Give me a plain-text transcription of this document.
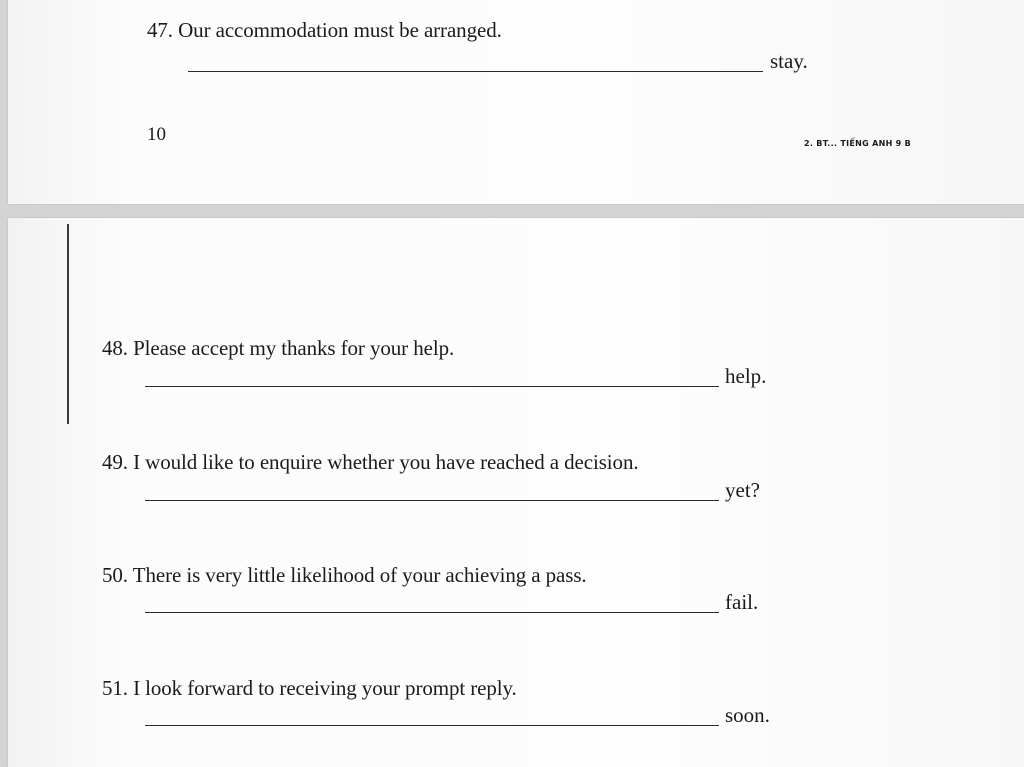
47. Our accommodation must be arranged.
stay.
10	2. BT... TIẾNG ANH 9 B
48. Please accept my thanks for your help.
help.
49. I would like to enquire whether you have reached a decision.
yet?
50. There is very little likelihood of your achieving a pass.
fail.
51. I look forward to receiving your prompt reply.
soon.
